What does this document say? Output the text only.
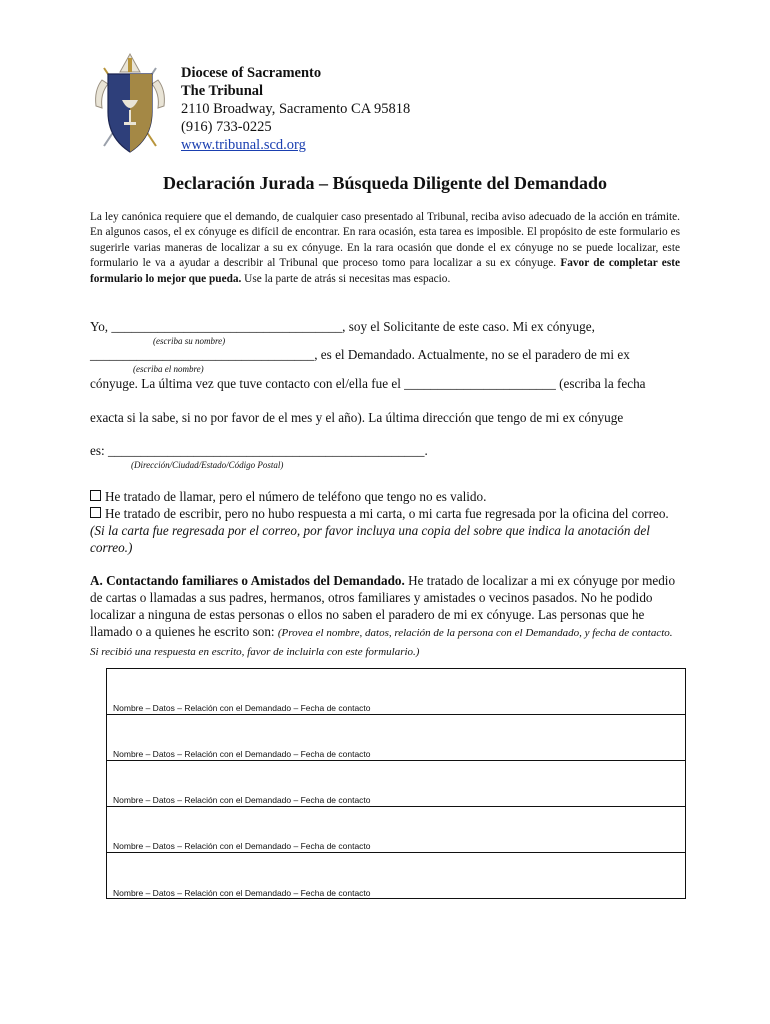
Diocese of Sacramento
The Tribunal
2110 Broadway, Sacramento CA 95818
(916) 733-0225
www.tribunal.scd.org
Declaración Jurada – Búsqueda Diligente del Demandado
La ley canónica requiere que el demando, de cualquier caso presentado al Tribunal, reciba aviso adecuado de la acción en trámite. En algunos casos, el ex cónyuge es difícil de encontrar. En rara ocasión, esta tarea es imposible. El propósito de este formulario es sugerirle varias maneras de localizar a su ex cónyuge. En la rara ocasión que donde el ex cónyuge no se puede localizar, este formulario le va a ayudar a describir al Tribunal que proceso tomo para localizar a su ex cónyuge. Favor de completar este formulario lo mejor que pueda. Use la parte de atrás si necesitas mas espacio.
Yo, ___________________________________, soy el Solicitante de este caso. Mi ex cónyuge,
(escriba su nombre)
__________________________________, es el Demandado. Actualmente, no se el paradero de mi ex
(escriba el nombre)
cónyuge. La última vez que tuve contacto con el/ella fue el _______________________ (escriba la fecha
exacta si la sabe, si no por favor de el mes y el año). La última dirección que tengo de mi ex cónyuge
es: ________________________________________________.
(Dirección/Ciudad/Estado/Código Postal)
He tratado de llamar, pero el número de teléfono que tengo no es valido.
He tratado de escribir, pero no hubo respuesta a mi carta, o mi carta fue regresada por la oficina del correo. (Si la carta fue regresada por el correo, por favor incluya una copia del sobre que indica la anotación del correo.)
A. Contactando familiares o Amistados del Demandado. He tratado de localizar a mi ex cónyuge por medio de cartas o llamadas a sus padres, hermanos, otros familiares y amistades o vecinos pasados. No he podido localizar a ninguna de estas personas o ellos no saben el paradero de mi ex cónyuge. Las personas que he llamado o a quienes he escrito son: (Provea el nombre, datos, relación de la persona con el Demandado, y fecha de contacto. Si recibió una respuesta en escrito, favor de incluirla con este formulario.)
Nombre – Datos – Relación con el Demandado – Fecha de contacto
Nombre – Datos – Relación con el Demandado – Fecha de contacto
Nombre – Datos – Relación con el Demandado – Fecha de contacto
Nombre – Datos – Relación con el Demandado – Fecha de contacto
Nombre – Datos – Relación con el Demandado – Fecha de contacto
